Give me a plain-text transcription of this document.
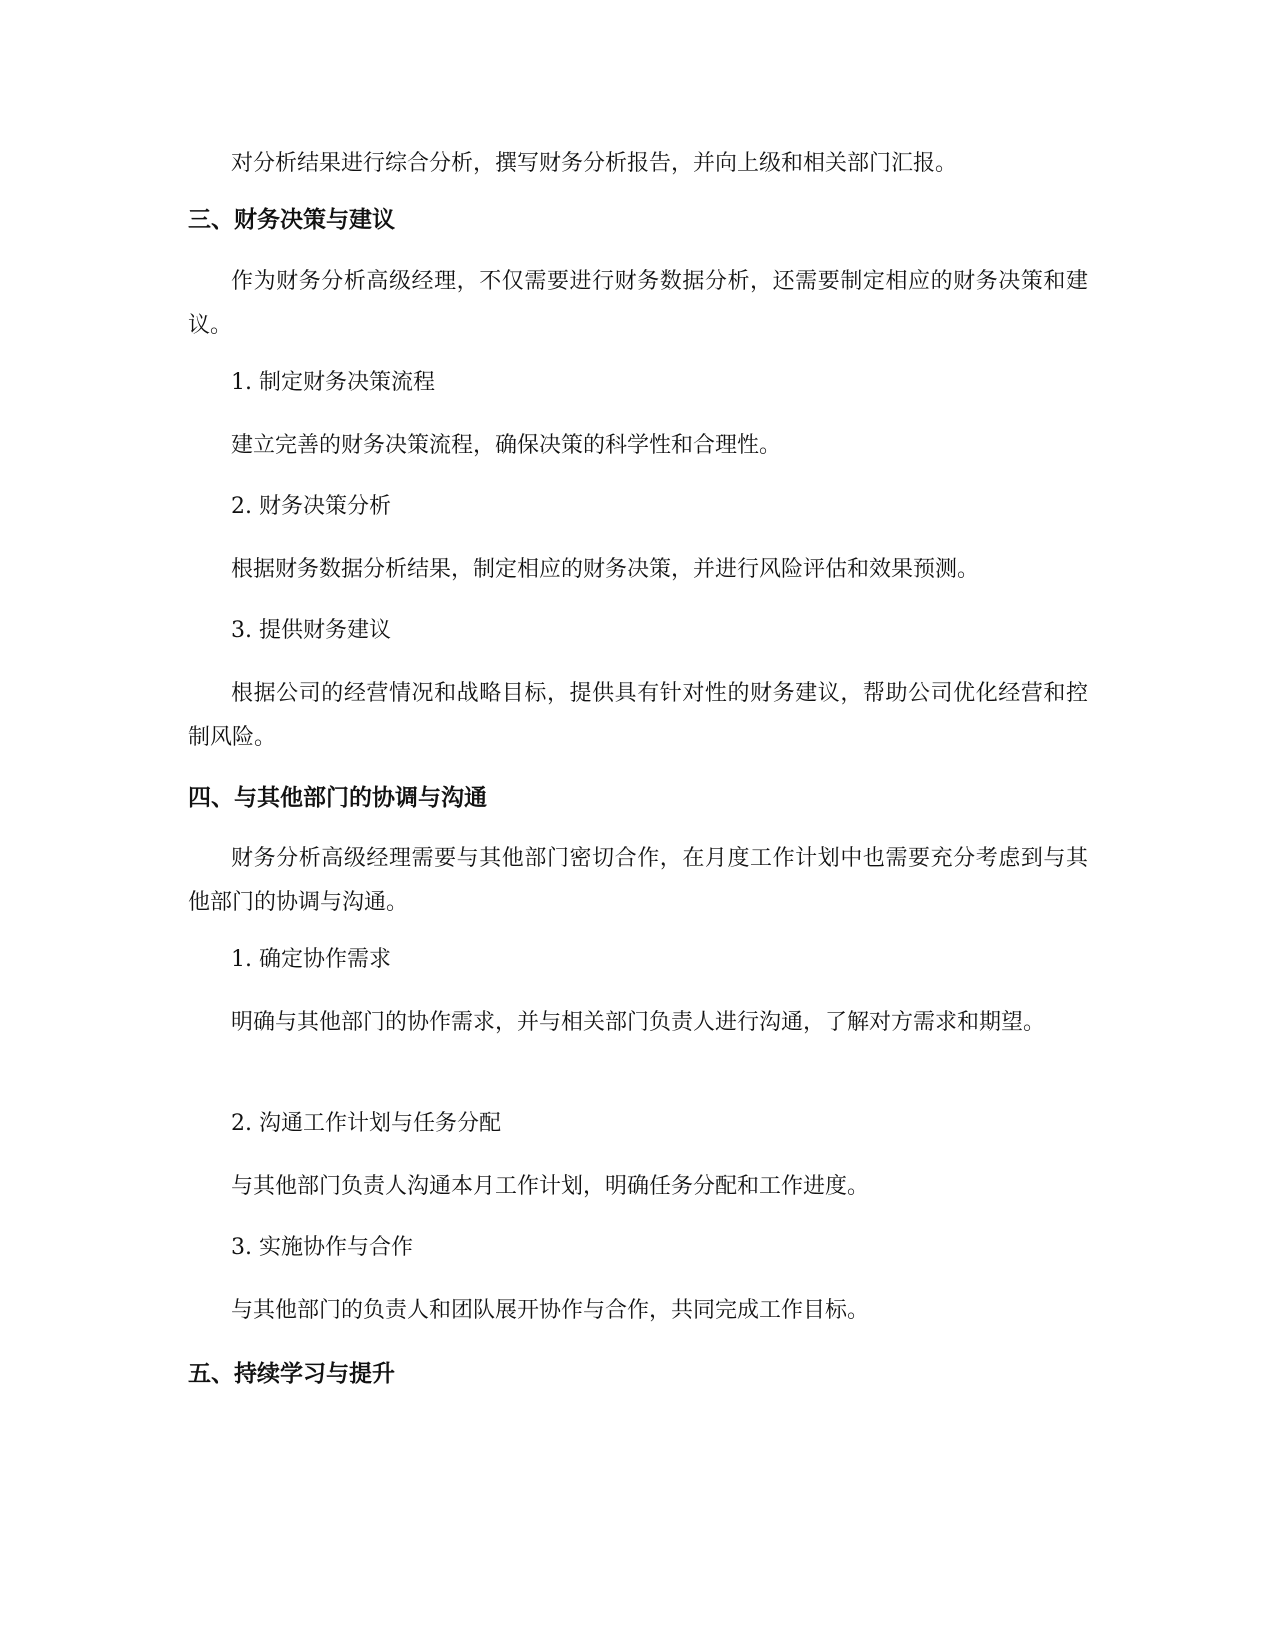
对分析结果进行综合分析，撰写财务分析报告，并向上级和相关部门汇报。

三、财务决策与建议

作为财务分析高级经理，不仅需要进行财务数据分析，还需要制定相应的财务决策和建议。

1. 制定财务决策流程

建立完善的财务决策流程，确保决策的科学性和合理性。

2. 财务决策分析

根据财务数据分析结果，制定相应的财务决策，并进行风险评估和效果预测。

3. 提供财务建议

根据公司的经营情况和战略目标，提供具有针对性的财务建议，帮助公司优化经营和控制风险。

四、与其他部门的协调与沟通

财务分析高级经理需要与其他部门密切合作，在月度工作计划中也需要充分考虑到与其他部门的协调与沟通。

1. 确定协作需求

明确与其他部门的协作需求，并与相关部门负责人进行沟通，了解对方需求和期望。

2. 沟通工作计划与任务分配

与其他部门负责人沟通本月工作计划，明确任务分配和工作进度。

3. 实施协作与合作

与其他部门的负责人和团队展开协作与合作，共同完成工作目标。

五、持续学习与提升
